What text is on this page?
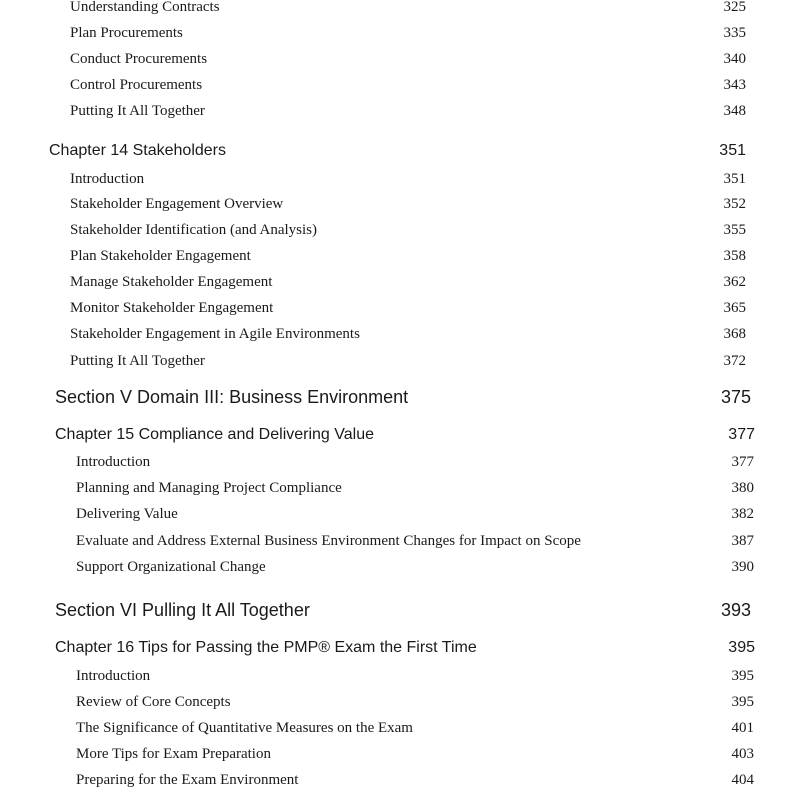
Understanding Contracts	325
Plan Procurements	335
Conduct Procurements	340
Control Procurements	343
Putting It All Together	348
Chapter 14 Stakeholders	351
Introduction	351
Stakeholder Engagement Overview	352
Stakeholder Identification (and Analysis)	355
Plan Stakeholder Engagement	358
Manage Stakeholder Engagement	362
Monitor Stakeholder Engagement	365
Stakeholder Engagement in Agile Environments	368
Putting It All Together	372
Section V Domain III: Business Environment	375
Chapter 15 Compliance and Delivering Value	377
Introduction	377
Planning and Managing Project Compliance	380
Delivering Value	382
Evaluate and Address External Business Environment Changes for Impact on Scope	387
Support Organizational Change	390
Section VI Pulling It All Together	393
Chapter 16 Tips for Passing the PMP® Exam the First Time	395
Introduction	395
Review of Core Concepts	395
The Significance of Quantitative Measures on the Exam	401
More Tips for Exam Preparation	403
Preparing for the Exam Environment	404
